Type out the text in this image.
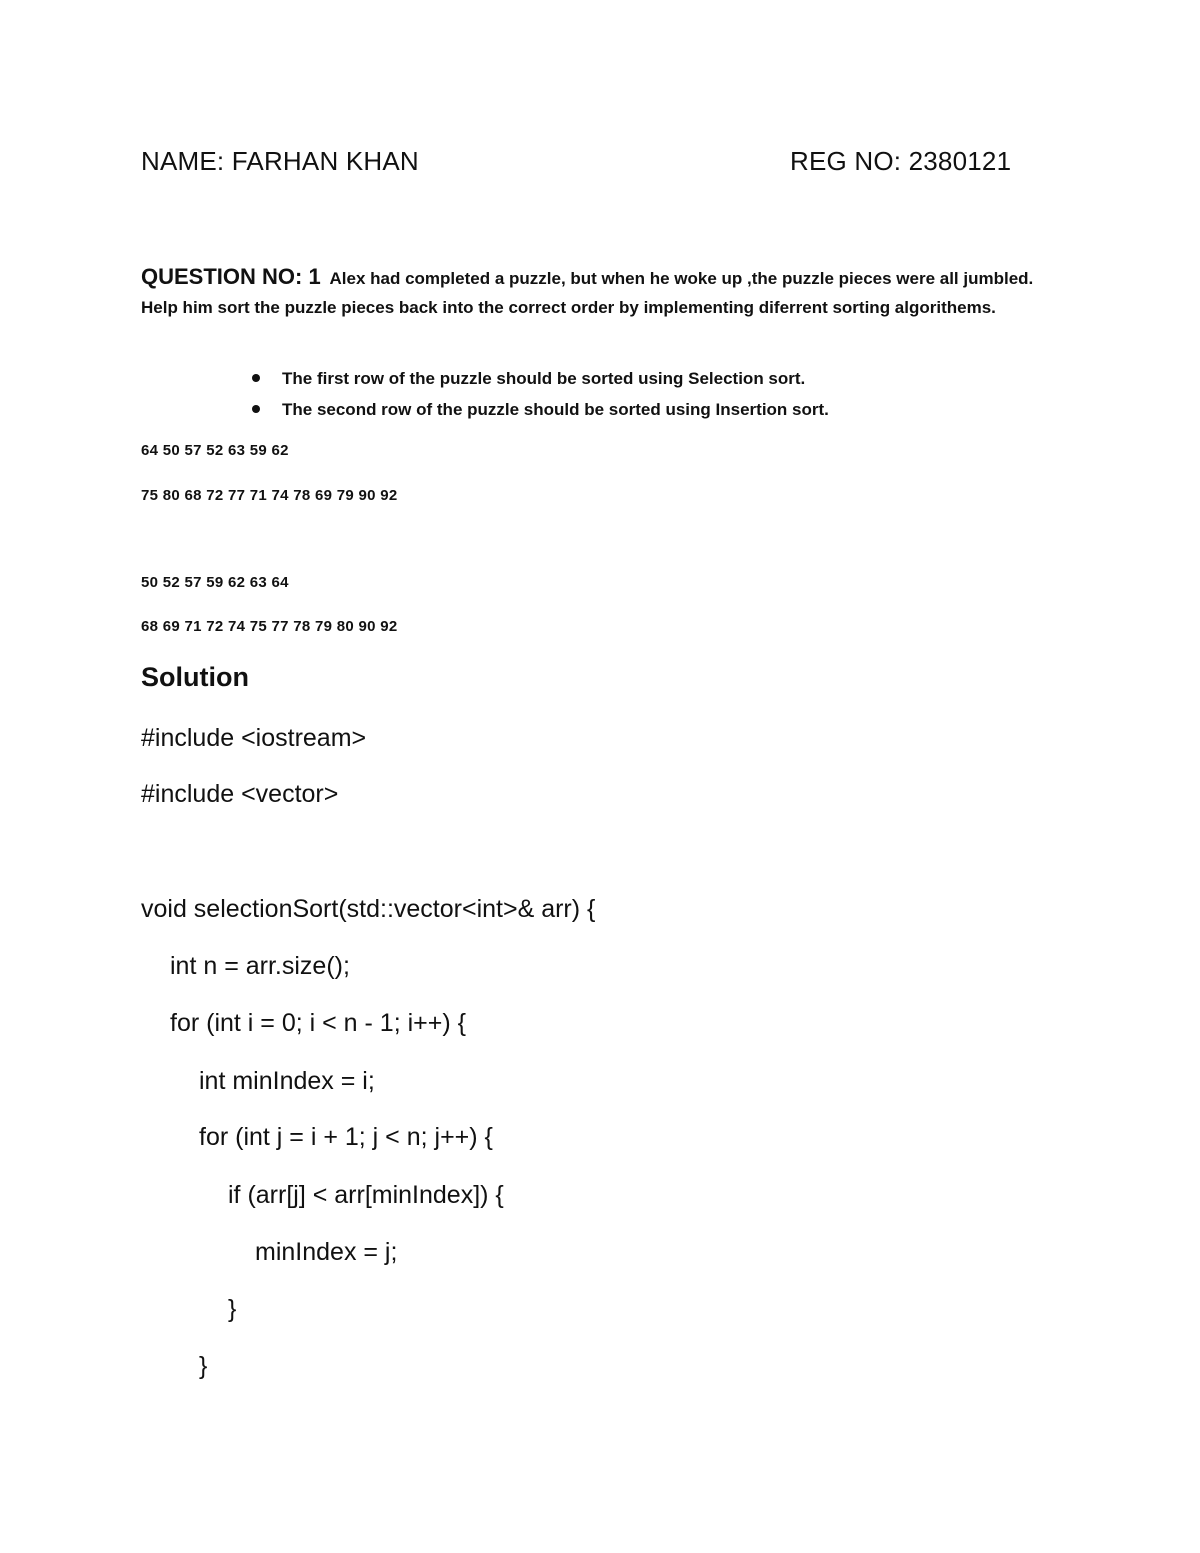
NAME: FARHAN KHAN	REG NO: 2380121
QUESTION NO: 1 Alex had completed a puzzle, but when he woke up ,the puzzle pieces were all jumbled. Help him sort the puzzle pieces back into the correct order by implementing diferrent sorting algorithems.
The first row of the puzzle should be sorted using Selection sort.
The second row of the puzzle should be sorted using Insertion sort.
64 50 57 52 63 59 62
75 80 68 72 77 71 74 78 69 79 90 92
50 52 57 59 62 63 64
68 69 71 72 74 75 77 78 79 80 90 92
Solution
#include <iostream>
#include <vector>
void selectionSort(std::vector<int>& arr) {
int n = arr.size();
for (int i = 0; i < n - 1; i++) {
int minIndex = i;
for (int j = i + 1; j < n; j++) {
if (arr[j] < arr[minIndex]) {
minIndex = j;
}
}
